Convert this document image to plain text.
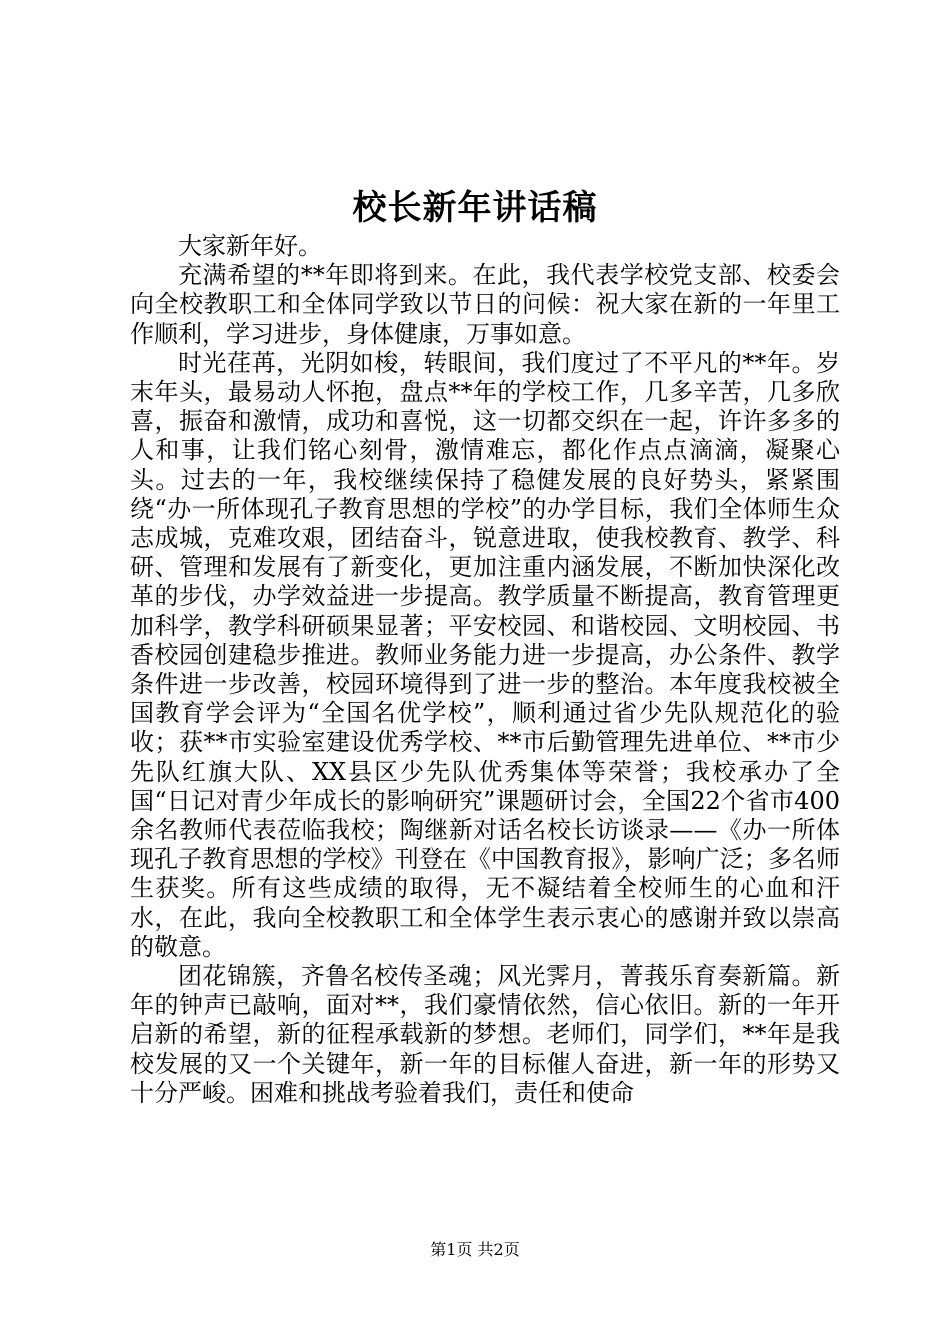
校长新年讲话稿

大家新年好。

充满希望的**年即将到来。在此，我代表学校党支部、校委会向全校教职工和全体同学致以节日的问候：祝大家在新的一年里工作顺利，学习进步，身体健康，万事如意。

时光荏苒，光阴如梭，转眼间，我们度过了不平凡的**年。岁末年头，最易动人怀抱，盘点**年的学校工作，几多辛苦，几多欣喜，振奋和激情，成功和喜悦，这一切都交织在一起，许许多多的人和事，让我们铭心刻骨，激情难忘，都化作点点滴滴，凝聚心头。过去的一年，我校继续保持了稳健发展的良好势头，紧紧围绕“办一所体现孔子教育思想的学校”的办学目标，我们全体师生众志成城，克难攻艰，团结奋斗，锐意进取，使我校教育、教学、科研、管理和发展有了新变化，更加注重内涵发展，不断加快深化改革的步伐，办学效益进一步提高。教学质量不断提高，教育管理更加科学，教学科研硕果显著；平安校园、和谐校园、文明校园、书香校园创建稳步推进。教师业务能力进一步提高，办公条件、教学条件进一步改善，校园环境得到了进一步的整治。本年度我校被全国教育学会评为“全国名优学校”，顺利通过省少先队规范化的验收；获**市实验室建设优秀学校、**市后勤管理先进单位、**市少先队红旗大队、XX县区少先队优秀集体等荣誉；我校承办了全国“日记对青少年成长的影响研究”课题研讨会，全国22个省市400余名教师代表莅临我校；陶继新对话名校长访谈录——《办一所体现孔子教育思想的学校》刊登在《中国教育报》，影响广泛；多名师生获奖。所有这些成绩的取得，无不凝结着全校师生的心血和汗水，在此，我向全校教职工和全体学生表示衷心的感谢并致以崇高的敬意。

团花锦簇，齐鲁名校传圣魂；风光霁月，菁莪乐育奏新篇。新年的钟声已敲响，面对**，我们豪情依然，信心依旧。新的一年开启新的希望，新的征程承载新的梦想。老师们，同学们，**年是我校发展的又一个关键年，新一年的目标催人奋进，新一年的形势又十分严峻。困难和挑战考验着我们，责任和使命

第1页 共2页
